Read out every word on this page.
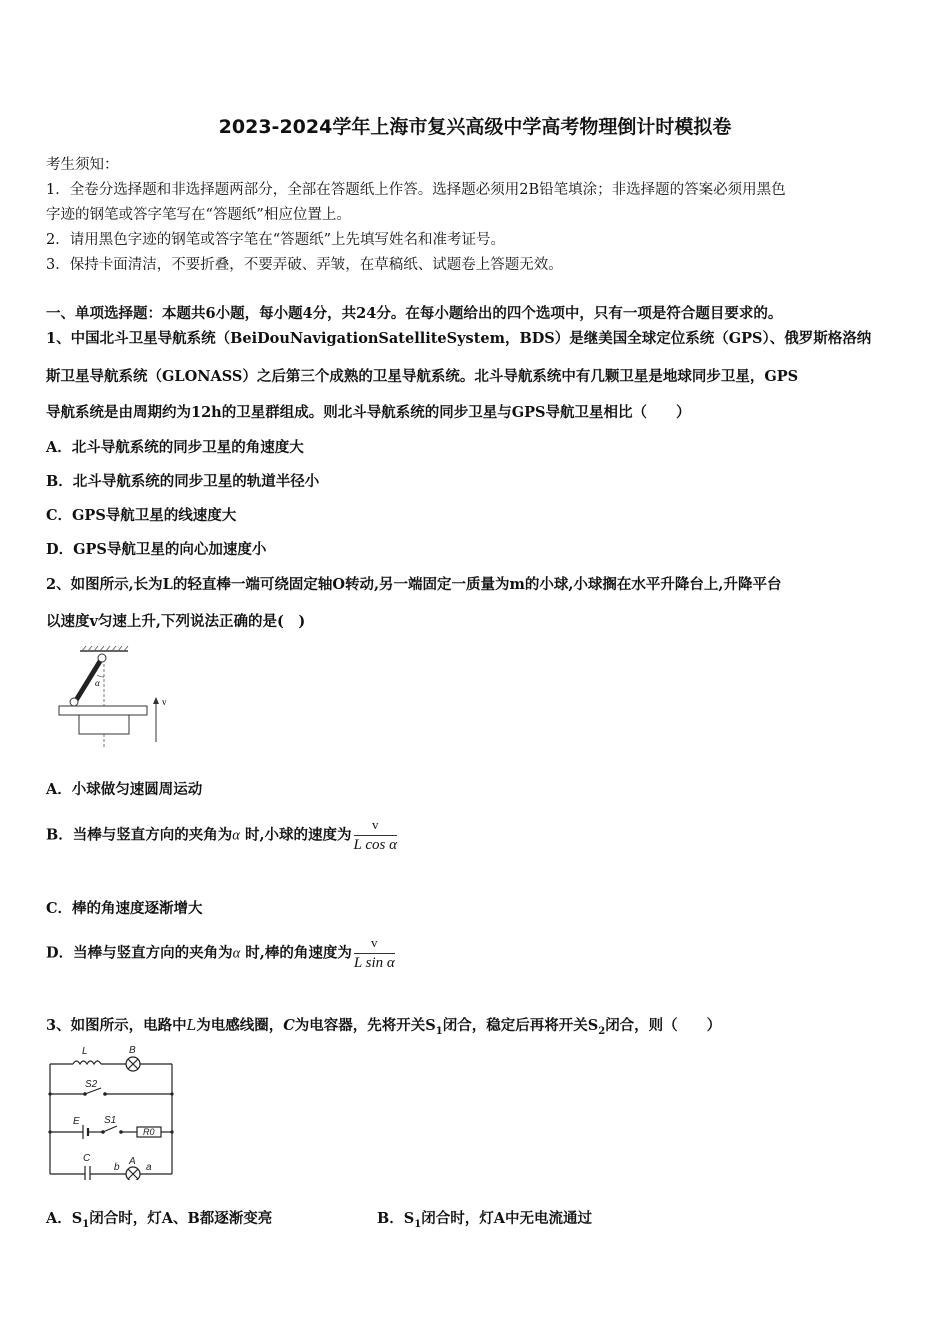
2023-2024学年上海市复兴高级中学高考物理倒计时模拟卷
考生须知：
1．全卷分选择题和非选择题两部分，全部在答题纸上作答。选择题必须用2B铅笔填涂；非选择题的答案必须用黑色
字迹的钢笔或答字笔写在“答题纸”相应位置上。
2．请用黑色字迹的钢笔或答字笔在“答题纸”上先填写姓名和准考证号。
3．保持卡面清洁，不要折叠，不要弄破、弄皱，在草稿纸、试题卷上答题无效。
一、单项选择题：本题共6小题，每小题4分，共24分。在每小题给出的四个选项中，只有一项是符合题目要求的。
1、中国北斗卫星导航系统（BeiDouNavigationSatelliteSystem，BDS）是继美国全球定位系统（GPS）、俄罗斯格洛纳
斯卫星导航系统（GLONASS）之后第三个成熟的卫星导航系统。北斗导航系统中有几颗卫星是地球同步卫星，GPS
导航系统是由周期约为12h的卫星群组成。则北斗导航系统的同步卫星与GPS导航卫星相比（　　）
A．北斗导航系统的同步卫星的角速度大
B．北斗导航系统的同步卫星的轨道半径小
C．GPS导航卫星的线速度大
D．GPS导航卫星的向心加速度小
2、如图所示,长为L的轻直棒一端可绕固定轴O转动,另一端固定一质量为m的小球,小球搁在水平升降台上,升降平台
以速度v匀速上升,下列说法正确的是(　)
α
v
A．小球做匀速圆周运动
B．当棒与竖直方向的夹角为α 时,小球的速度为 $\frac{v}{\text{L cos α}}$
C．棒的角速度逐渐增大
D．当棒与竖直方向的夹角为α 时,棒的角速度为 $\frac{v}{\text{L sin α}}$
3、如图所示，电路中L为电感线圈，C为电容器，先将开关$S_1$闭合，稳定后再将开关$S_2$闭合，则（　　）
L	B
S2
E S1
R0
C
b
A
a
A．$S_1$闭合时，灯A、B都逐渐变亮	B．$S_1$闭合时，灯A中无电流通过
